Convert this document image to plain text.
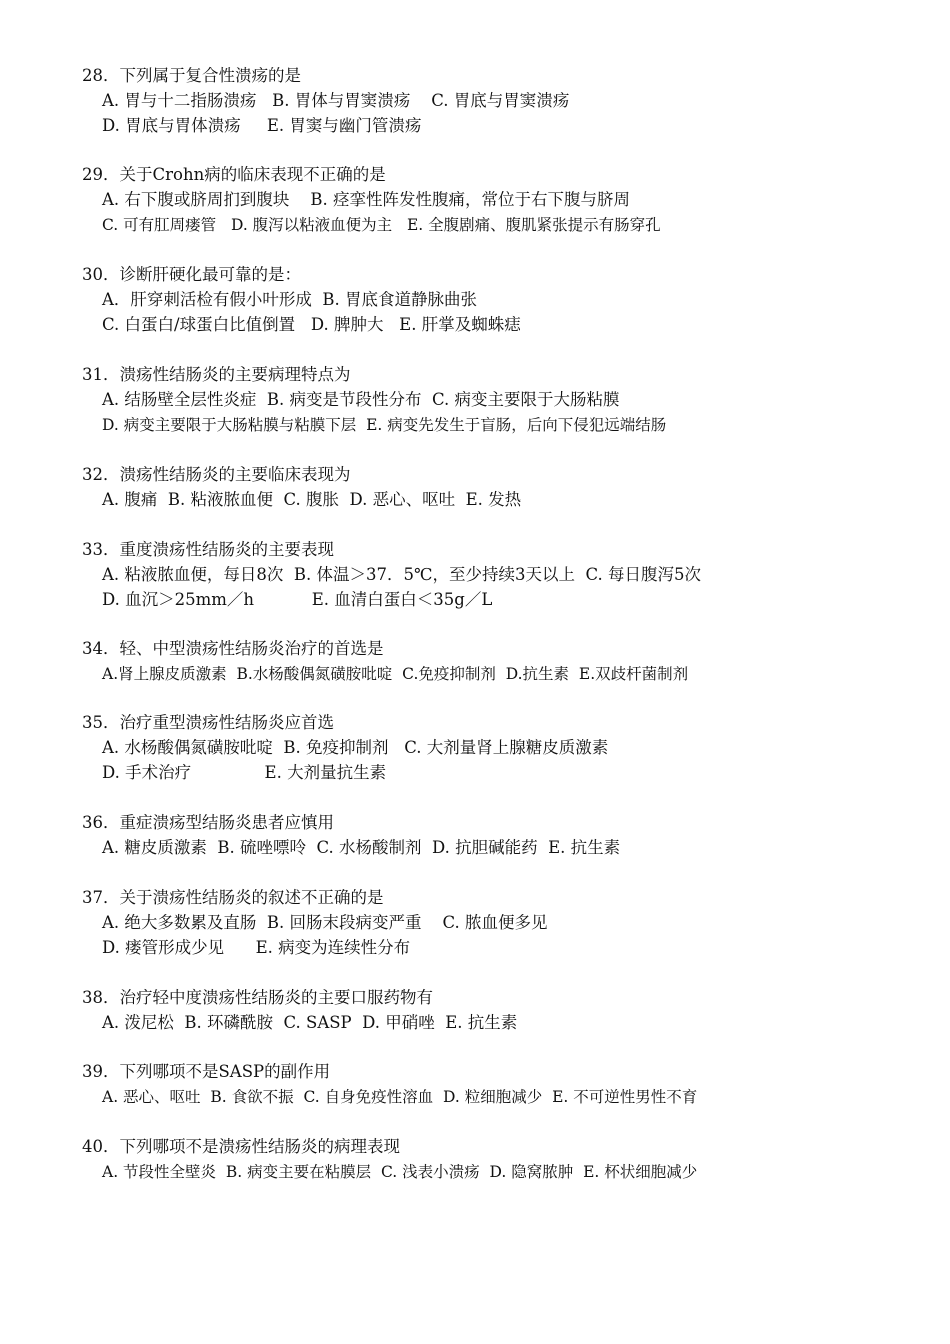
28．下列属于复合性溃疡的是
A. 胃与十二指肠溃疡   B. 胃体与胃窦溃疡    C. 胃底与胃窦溃疡
D. 胃底与胃体溃疡     E. 胃窦与幽门管溃疡
29．关于Crohn病的临床表现不正确的是
A. 右下腹或脐周扪到腹块    B. 痉挛性阵发性腹痛，常位于右下腹与脐周
C. 可有肛周瘘管   D. 腹泻以粘液血便为主   E. 全腹剧痛、腹肌紧张提示有肠穿孔
30．诊断肝硬化最可靠的是：
A．肝穿刺活检有假小叶形成  B. 胃底食道静脉曲张
C. 白蛋白/球蛋白比值倒置   D. 脾肿大   E. 肝掌及蜘蛛痣
31．溃疡性结肠炎的主要病理特点为
A. 结肠壁全层性炎症  B. 病变是节段性分布  C. 病变主要限于大肠粘膜
D. 病变主要限于大肠粘膜与粘膜下层  E. 病变先发生于盲肠，后向下侵犯远端结肠
32．溃疡性结肠炎的主要临床表现为
A. 腹痛  B. 粘液脓血便  C. 腹胀  D. 恶心、呕吐  E. 发热
33．重度溃疡性结肠炎的主要表现
A. 粘液脓血便，每日8次  B. 体温＞37．5℃，至少持续3天以上  C. 每日腹泻5次
D. 血沉＞25mm／h           E. 血清白蛋白＜35g／L
34．轻、中型溃疡性结肠炎治疗的首选是
A.肾上腺皮质激素  B.水杨酸偶氮磺胺吡啶  C.免疫抑制剂  D.抗生素  E.双歧杆菌制剂
35．治疗重型溃疡性结肠炎应首选
A. 水杨酸偶氮磺胺吡啶  B. 免疫抑制剂   C. 大剂量肾上腺糖皮质激素
D. 手术治疗              E. 大剂量抗生素
36．重症溃疡型结肠炎患者应慎用
A. 糖皮质激素  B. 硫唑嘌呤  C. 水杨酸制剂  D. 抗胆碱能药  E. 抗生素
37．关于溃疡性结肠炎的叙述不正确的是
A. 绝大多数累及直肠  B. 回肠末段病变严重    C. 脓血便多见
D. 瘘管形成少见      E. 病变为连续性分布
38．治疗轻中度溃疡性结肠炎的主要口服药物有
A. 泼尼松  B. 环磷酰胺  C. SASP  D. 甲硝唑  E. 抗生素
39．下列哪项不是SASP的副作用
A. 恶心、呕吐  B. 食欲不振  C. 自身免疫性溶血  D. 粒细胞减少  E. 不可逆性男性不育
40．下列哪项不是溃疡性结肠炎的病理表现
A. 节段性全壁炎  B. 病变主要在粘膜层  C. 浅表小溃疡  D. 隐窝脓肿  E. 杯状细胞减少
